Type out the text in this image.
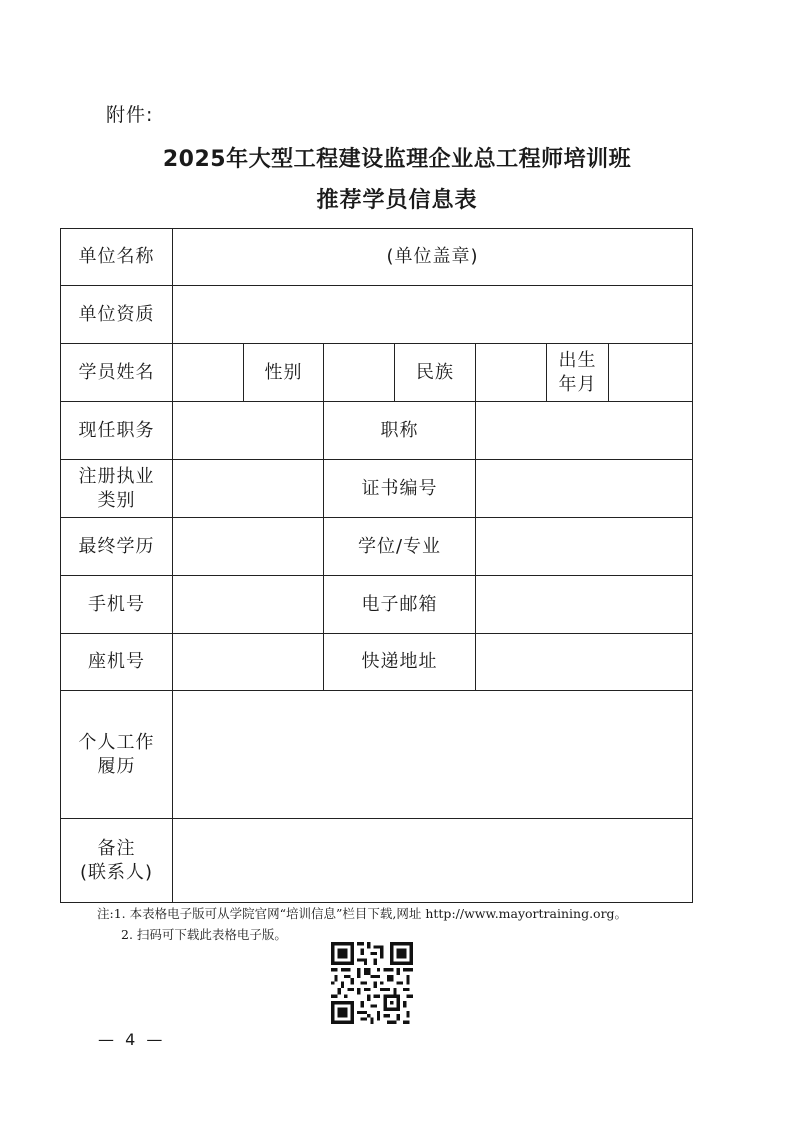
附件:
2025年大型工程建设监理企业总工程师培训班
推荐学员信息表
单位名称	(单位盖章)						
单位资质							
学员姓名		性别		民族		出生
年月	

现任职务			职称				

注册执业
类别			证书编号				
最终学历			学位/专业				
手机号			电子邮箱				
座机号			快递地址				

个人工作
履历							

备注
(联系人)							

注:1. 本表格电子版可从学院官网“培训信息”栏目下载,网址 http://www.mayortraining.org。
2. 扫码可下载此表格电子版。
— 4 —
